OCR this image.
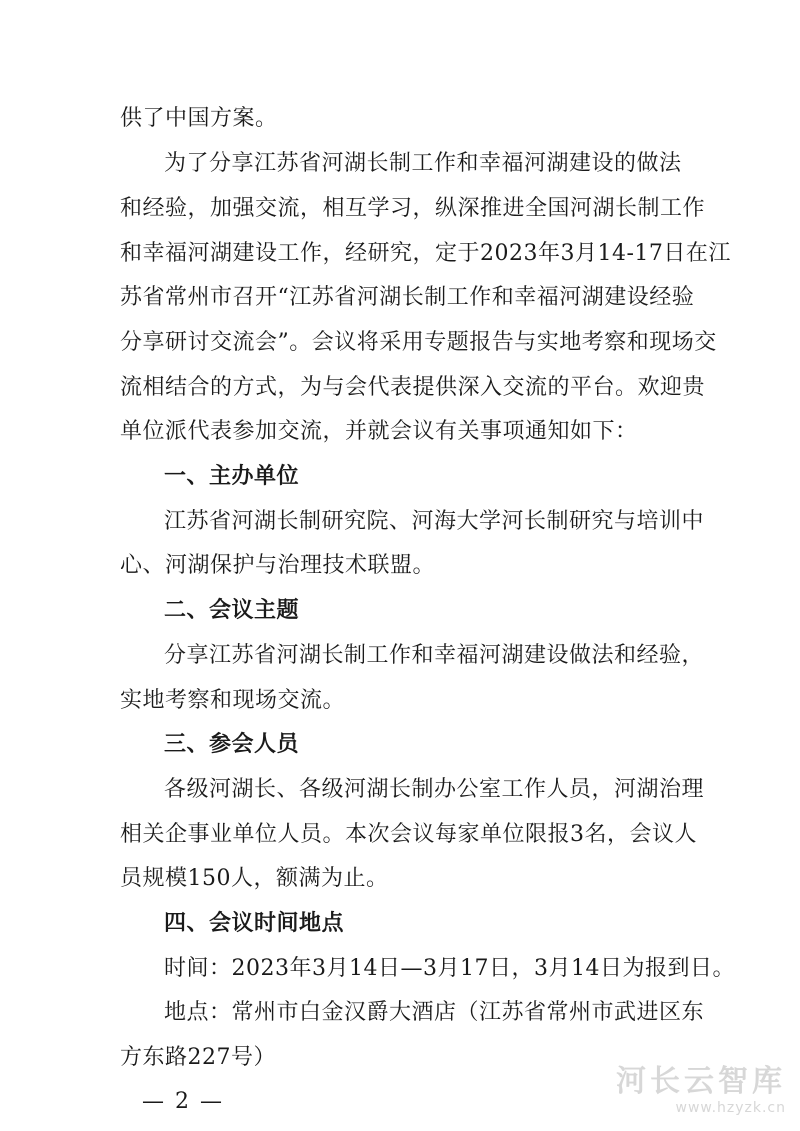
供了中国方案。
为了分享江苏省河湖长制工作和幸福河湖建设的做法
和经验，加强交流，相互学习，纵深推进全国河湖长制工作
和幸福河湖建设工作，经研究，定于2023年3月14-17日在江
苏省常州市召开“江苏省河湖长制工作和幸福河湖建设经验
分享研讨交流会”。会议将采用专题报告与实地考察和现场交
流相结合的方式，为与会代表提供深入交流的平台。欢迎贵
单位派代表参加交流，并就会议有关事项通知如下：
一、主办单位
江苏省河湖长制研究院、河海大学河长制研究与培训中
心、河湖保护与治理技术联盟。
二、会议主题
分享江苏省河湖长制工作和幸福河湖建设做法和经验，
实地考察和现场交流。
三、参会人员
各级河湖长、各级河湖长制办公室工作人员，河湖治理
相关企事业单位人员。本次会议每家单位限报3名，会议人
员规模150人，额满为止。
四、会议时间地点
时间：2023年3月14日—3月17日，3月14日为报到日。
地点：常州市白金汉爵大酒店（江苏省常州市武进区东
方东路227号）
— 2 —
河长云智库
www.hzyzk.cn
